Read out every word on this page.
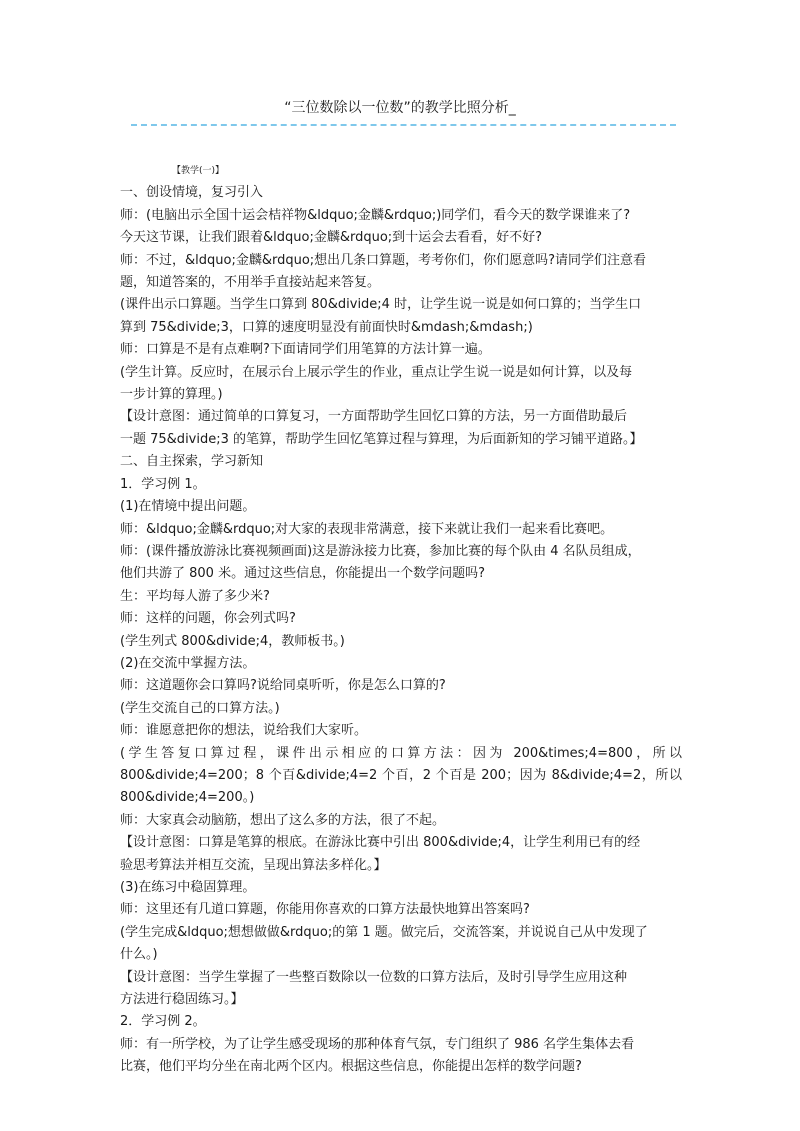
“三位数除以一位数”的教学比照分析_
【教学(一)】
一、创设情境，复习引入
师：(电脑出示全国十运会桔祥物&ldquo;金麟&rdquo;)同学们，看今天的数学课谁来了?
今天这节课，让我们跟着&ldquo;金麟&rdquo;到十运会去看看，好不好?
师：不过，&ldquo;金麟&rdquo;想出几条口算题，考考你们，你们愿意吗?请同学们注意看
题，知道答案的，不用举手直接站起来答复。
(课件出示口算题。当学生口算到 80&divide;4 时，让学生说一说是如何口算的；当学生口
算到 75&divide;3，口算的速度明显没有前面快时&mdash;&mdash;)
师：口算是不是有点难啊?下面请同学们用笔算的方法计算一遍。
(学生计算。反应时，在展示台上展示学生的作业，重点让学生说一说是如何计算，以及每
一步计算的算理。)
【设计意图：通过简单的口算复习，一方面帮助学生回忆口算的方法，另一方面借助最后
一题 75&divide;3 的笔算，帮助学生回忆笔算过程与算理，为后面新知的学习铺平道路。】
二、自主探索，学习新知
1．学习例 1。
(1)在情境中提出问题。
师：&ldquo;金麟&rdquo;对大家的表现非常满意，接下来就让我们一起来看比赛吧。
师：(课件播放游泳比赛视频画面)这是游泳接力比赛，参加比赛的每个队由 4 名队员组成，
他们共游了 800 米。通过这些信息，你能提出一个数学问题吗?
生：平均每人游了多少米?
师：这样的问题，你会列式吗?
(学生列式 800&divide;4，教师板书。)
(2)在交流中掌握方法。
师：这道题你会口算吗?说给同桌听听，你是怎么口算的?
(学生交流自己的口算方法。)
师：谁愿意把你的想法，说给我们大家听。
(学生答复口算过程，课件出示相应的口算方法：因为 200&times;4=800，所以
800&divide;4=200；8 个百&divide;4=2 个百，2 个百是 200；因为 8&divide;4=2，所以
800&divide;4=200。)
师：大家真会动脑筋，想出了这么多的方法，很了不起。
【设计意图：口算是笔算的根底。在游泳比赛中引出 800&divide;4，让学生利用已有的经
验思考算法并相互交流，呈现出算法多样化。】
(3)在练习中稳固算理。
师：这里还有几道口算题，你能用你喜欢的口算方法最快地算出答案吗?
(学生完成&ldquo;想想做做&rdquo;的第 1 题。做完后，交流答案，并说说自己从中发现了
什么。)
【设计意图：当学生掌握了一些整百数除以一位数的口算方法后，及时引导学生应用这种
方法进行稳固练习。】
2．学习例 2。
师：有一所学校，为了让学生感受现场的那种体育气氛，专门组织了 986 名学生集体去看
比赛，他们平均分坐在南北两个区内。根据这些信息，你能提出怎样的数学问题?
